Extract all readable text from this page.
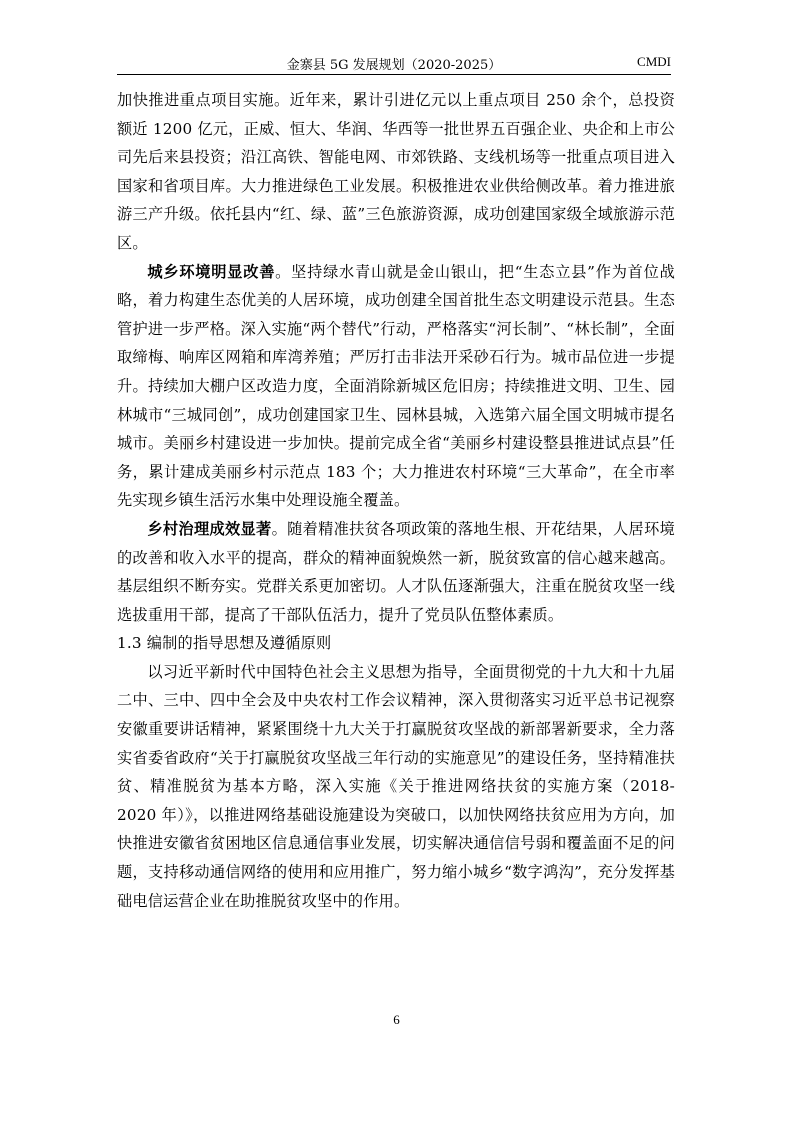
金寨县 5G 发展规划（2020-2025）	CMDI

加快推进重点项目实施。近年来，累计引进亿元以上重点项目 250 余个，总投资额近 1200 亿元，正威、恒大、华润、华西等一批世界五百强企业、央企和上市公司先后来县投资；沿江高铁、智能电网、市郊铁路、支线机场等一批重点项目进入国家和省项目库。大力推进绿色工业发展。积极推进农业供给侧改革。着力推进旅游三产升级。依托县内“红、绿、蓝”三色旅游资源，成功创建国家级全域旅游示范区。

城乡环境明显改善。坚持绿水青山就是金山银山，把“生态立县”作为首位战略，着力构建生态优美的人居环境，成功创建全国首批生态文明建设示范县。生态管护进一步严格。深入实施“两个替代”行动，严格落实“河长制”、“林长制”，全面取缔梅、响库区网箱和库湾养殖；严厉打击非法开采砂石行为。城市品位进一步提升。持续加大棚户区改造力度，全面消除新城区危旧房；持续推进文明、卫生、园林城市“三城同创”，成功创建国家卫生、园林县城，入选第六届全国文明城市提名城市。美丽乡村建设进一步加快。提前完成全省“美丽乡村建设整县推进试点县”任务，累计建成美丽乡村示范点 183 个；大力推进农村环境“三大革命”，在全市率先实现乡镇生活污水集中处理设施全覆盖。

乡村治理成效显著。随着精准扶贫各项政策的落地生根、开花结果，人居环境的改善和收入水平的提高，群众的精神面貌焕然一新，脱贫致富的信心越来越高。基层组织不断夯实。党群关系更加密切。人才队伍逐渐强大，注重在脱贫攻坚一线选拔重用干部，提高了干部队伍活力，提升了党员队伍整体素质。

1.3 编制的指导思想及遵循原则

以习近平新时代中国特色社会主义思想为指导，全面贯彻党的十九大和十九届二中、三中、四中全会及中央农村工作会议精神，深入贯彻落实习近平总书记视察安徽重要讲话精神，紧紧围绕十九大关于打赢脱贫攻坚战的新部署新要求，全力落实省委省政府“关于打赢脱贫攻坚战三年行动的实施意见”的建设任务，坚持精准扶贫、精准脱贫为基本方略，深入实施《关于推进网络扶贫的实施方案（2018-2020 年）》，以推进网络基础设施建设为突破口，以加快网络扶贫应用为方向，加快推进安徽省贫困地区信息通信事业发展，切实解决通信信号弱和覆盖面不足的问题，支持移动通信网络的使用和应用推广，努力缩小城乡“数字鸿沟”，充分发挥基础电信运营企业在助推脱贫攻坚中的作用。

6
